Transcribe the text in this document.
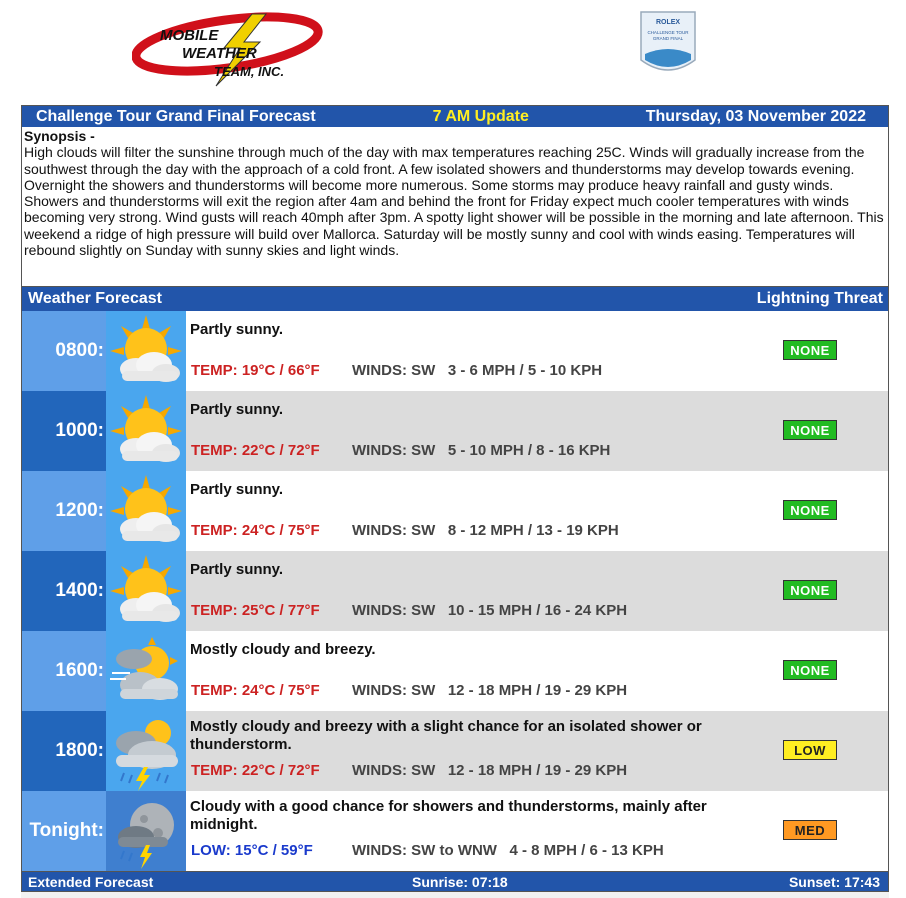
MOBILE
WEATHER
TEAM, INC.
ROLEX
CHALLENGE TOUR
GRAND FINAL
Challenge Tour Grand Final Forecast	7 AM Update	Thursday, 03 November 2022
Synopsis -
High clouds will filter the sunshine through much of the day with max temperatures reaching 25C. Winds will gradually increase from the southwest through the day with the approach of a cold front. A few isolated showers and thunderstorms may develop towards evening. Overnight the showers and thunderstorms will become more numerous. Some storms may produce heavy rainfall and gusty winds. Showers and thunderstorms will exit the region after 4am and behind the front for Friday expect much cooler temperatures with winds becoming very strong. Wind gusts will reach 40mph after 3pm. A spotty light shower will be possible in the morning and late afternoon. This weekend a ridge of high pressure will build over Mallorca. Saturday will be mostly sunny and cool with winds easing. Temperatures will rebound slightly on Sunday with sunny skies and light winds.
Weather Forecast	Lightning Threat
0800:
Partly sunny.
TEMP: 19°C / 66°F WINDS: SW   3 - 6 MPH / 5 - 10 KPH
NONE
1000:
Partly sunny.
TEMP: 22°C / 72°F WINDS: SW   5 - 10 MPH / 8 - 16 KPH
NONE
1200:
Partly sunny.
TEMP: 24°C / 75°F WINDS: SW   8 - 12 MPH / 13 - 19 KPH
NONE
1400:
Partly sunny.
TEMP: 25°C / 77°F WINDS: SW   10 - 15 MPH / 16 - 24 KPH
NONE
1600:
Mostly cloudy and breezy.
TEMP: 24°C / 75°F WINDS: SW   12 - 18 MPH / 19 - 29 KPH
NONE
1800:
Mostly cloudy and breezy with a slight chance for an isolated shower or thunderstorm.
TEMP: 22°C / 72°F WINDS: SW   12 - 18 MPH / 19 - 29 KPH
LOW
Tonight:
Cloudy with a good chance for showers and thunderstorms, mainly after midnight.
LOW: 15°C / 59°F	WINDS: SW to WNW   4 - 8 MPH / 6 - 13 KPH
MED
Extended Forecast	Sunrise: 07:18	Sunset: 17:43
